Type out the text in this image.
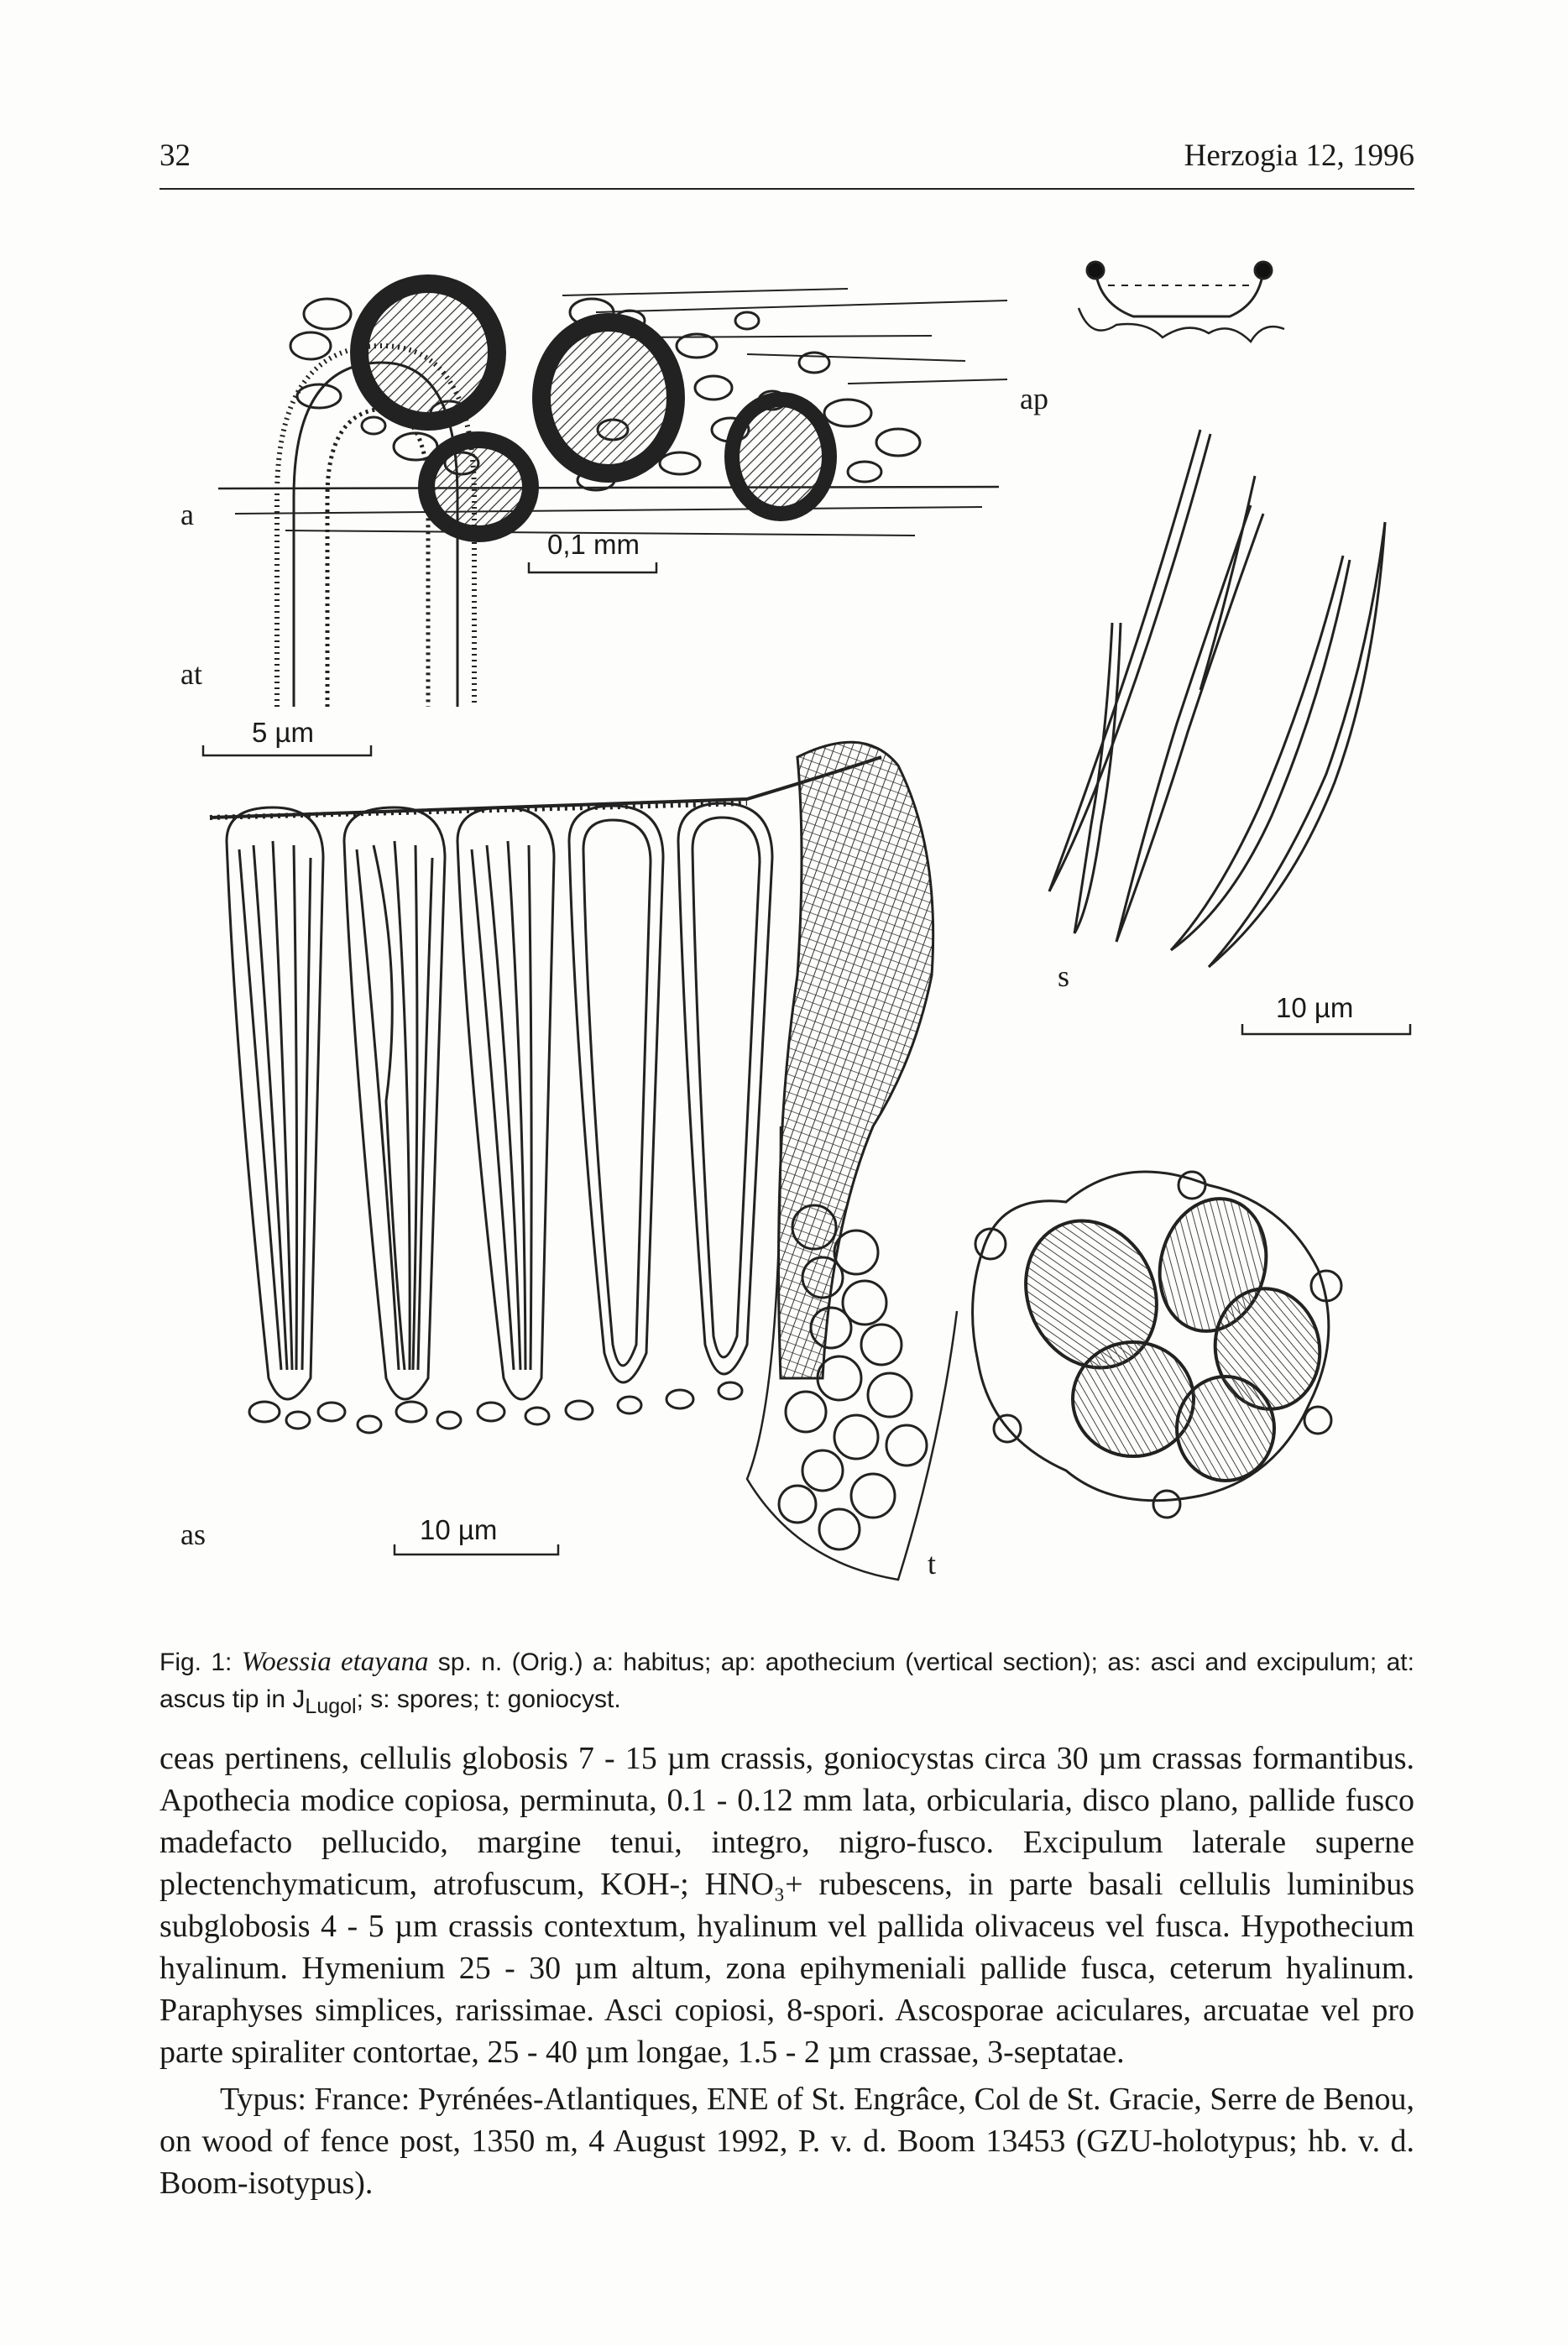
32	Herzogia 12, 1996
a
ap
at
s
as
t
0,1 mm
5 µm
10 µm
10 µm
Fig. 1: Woessia etayana sp. n. (Orig.) a: habitus; ap: apothecium (vertical section); as: asci and excipulum; at: ascus tip in $J_{Lugol}$; s: spores; t: goniocyst.

ceas pertinens, cellulis globosis 7 - 15 µm crassis, goniocystas circa 30 µm crassas formantibus. Apothecia modice copiosa, perminuta, 0.1 - 0.12 mm lata, orbicularia, disco plano, pallide fusco madefacto pellucido, margine tenui, integro, nigro-fusco. Excipulum laterale superne plectenchymaticum, atrofuscum, KOH-; HNO₃+ rubescens, in parte basali cellulis luminibus subglobosis 4 - 5 µm crassis contextum, hyalinum vel pallida olivaceus vel fusca. Hypothecium hyalinum. Hymenium 25 - 30 µm altum, zona epihymeniali pallide fusca, ceterum hyalinum. Paraphyses simplices, rarissimae. Asci copiosi, 8-spori. Ascosporae aciculares, arcuatae vel pro parte spiraliter contortae, 25 - 40 µm longae, 1.5 - 2 µm crassae, 3-septatae.

Typus: France: Pyrénées-Atlantiques, ENE of St. Engrâce, Col de St. Gracie, Serre de Benou, on wood of fence post, 1350 m, 4 August 1992, P. v. d. Boom 13453 (GZU-holotypus; hb. v. d. Boom-isotypus).
